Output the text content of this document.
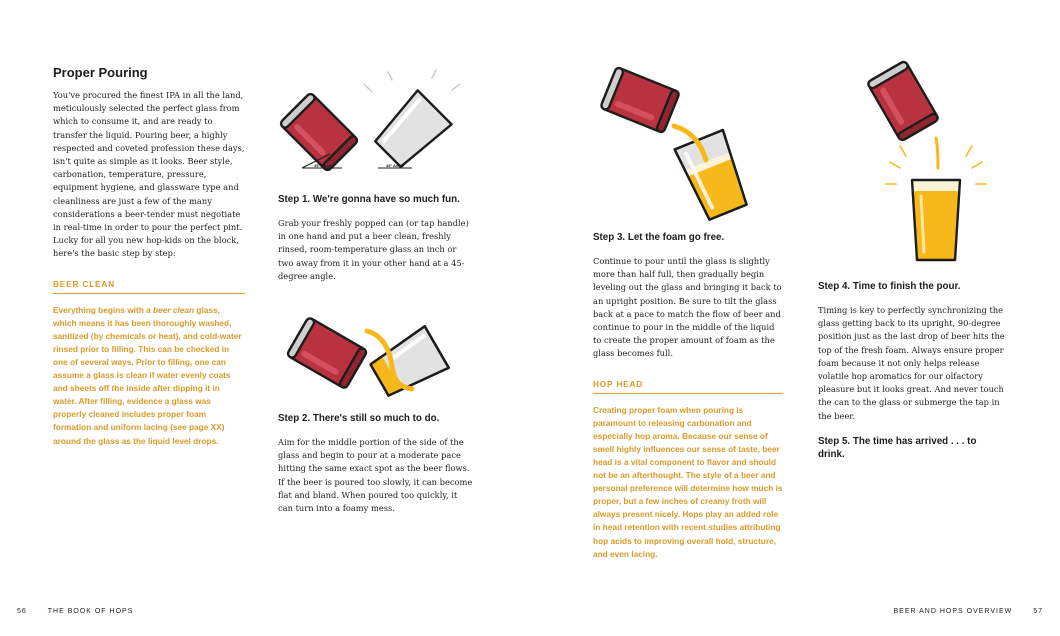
Proper Pouring

You've procured the finest IPA in all the land, meticulously selected the perfect glass from which to consume it, and are ready to transfer the liquid. Pouring beer, a highly respected and coveted profession these days, isn't quite as simple as it looks. Beer style, carbonation, temperature, pressure, equipment hygiene, and glassware type and cleanliness are just a few of the many considerations a beer-tender must negotiate in real-time in order to pour the perfect pint. Lucky for all you new hop-kids on the block, here's the basic step by step:

BEER CLEAN

Everything begins with a beer clean glass, which means it has been thoroughly washed, sanitized (by chemicals or heat), and cold-water rinsed prior to filling. This can be checked in one of several ways. Prior to filling, one can assume a glass is clean if water evenly coats and sheets off the inside after dipping it in water. After filling, evidence a glass was properly cleaned includes proper foam formation and uniform lacing (see page XX) around the glass as the liquid level drops.

45° Angle	45° Angle
Step 1. We're gonna have so much fun.

Grab your freshly popped can (or tap handle) in one hand and put a beer clean, freshly rinsed, room-temperature glass an inch or two away from it in your other hand at a 45-degree angle.

Step 2. There's still so much to do.

Aim for the middle portion of the side of the glass and begin to pour at a moderate pace hitting the same exact spot as the beer flows. If the beer is poured too slowly, it can become flat and bland. When poured too quickly, it can turn into a foamy mess.

56	THE BOOK OF HOPS
Step 3. Let the foam go free.

Continue to pour until the glass is slightly more than half full, then gradually begin leveling out the glass and bringing it back to an upright position. Be sure to tilt the glass back at a pace to match the flow of beer and continue to pour in the middle of the liquid to create the proper amount of foam as the glass becomes full.

HOP HEAD

Creating proper foam when pouring is paramount to releasing carbonation and especially hop aroma. Because our sense of smell highly influences our sense of taste, beer head is a vital component to flavor and should not be an afterthought. The style of a beer and personal preference will determine how much is proper, but a few inches of creamy froth will always present nicely. Hops play an added role in head retention with recent studies attributing hop acids to improving overall hold, structure, and even lacing.

Step 4. Time to finish the pour.

Timing is key to perfectly synchronizing the glass getting back to its upright, 90-degree position just as the last drop of beer hits the top of the fresh foam. Always ensure proper foam because it not only helps release volatile hop aromatics for our olfactory pleasure but it looks great. And never touch the can to the glass or submerge the tap in the beer.

Step 5. The time has arrived . . . to drink.
BEER AND HOPS OVERVIEW	57
